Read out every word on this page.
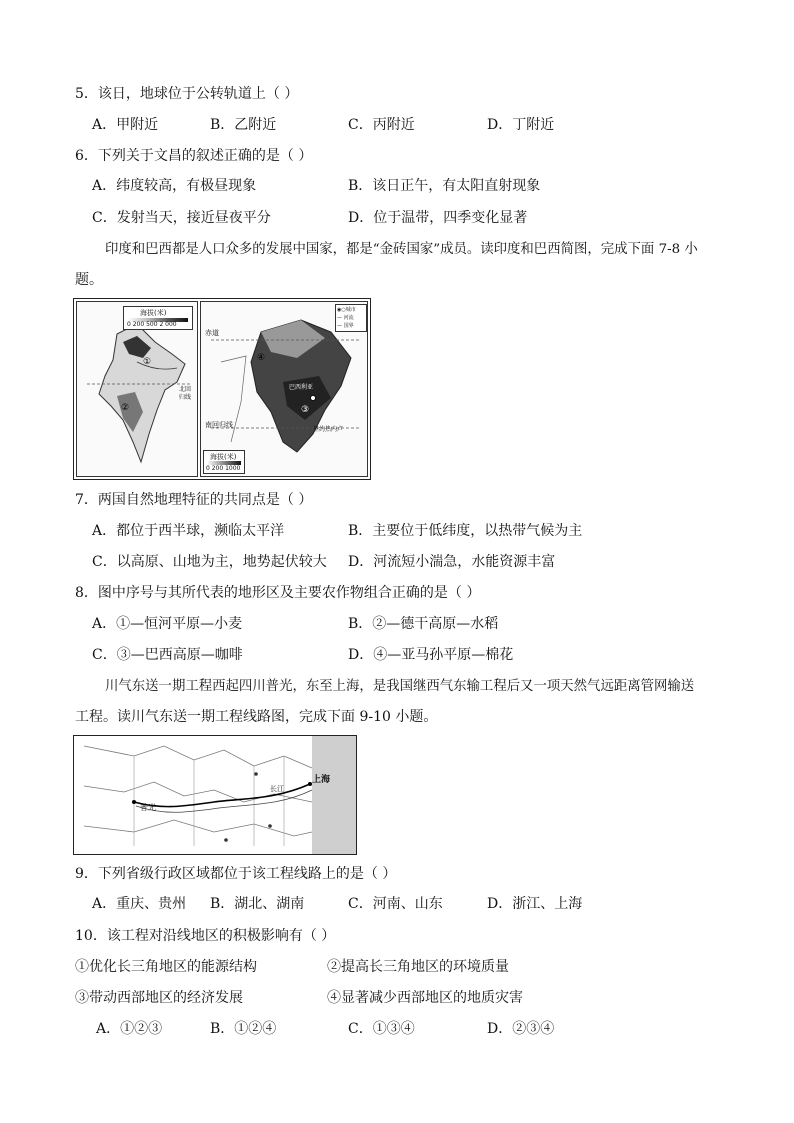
5．该日，地球位于公转轨道上（ ）
A．甲附近	B．乙附近	C．丙附近	D．丁附近
6．下列关于文昌的叙述正确的是（ ）
A．纬度较高，有极昼现象	B．该日正午，有太阳直射现象
C．发射当天，接近昼夜平分	D．位于温带，四季变化显著
印度和巴西都是人口众多的发展中国家，都是“金砖国家”成员。读印度和巴西简图，完成下面 7-8 小
题。
②
①
海拔(米)
0 200 500 2 000
北回归线
④
③
◉○城市
— 河流
— 国界
赤道
南回归线
巴西利亚
里约热内卢
海拔(米)
0 200 1000
7．两国自然地理特征的共同点是（ ）
A．都位于西半球，濒临太平洋	B．主要位于低纬度，以热带气候为主
C．以高原、山地为主，地势起伏较大 D．河流短小湍急，水能资源丰富
8．图中序号与其所代表的地形区及主要农作物组合正确的是（ ）
A．①—恒河平原—小麦	B．②—德干高原—水稻
C．③—巴西高原—咖啡	D．④—亚马孙平原—棉花
川气东送一期工程西起四川普光，东至上海，是我国继西气东输工程后又一项天然气远距离管网输送
工程。读川气东送一期工程线路图，完成下面 9-10 小题。
普光
上海
长江
9．下列省级行政区域都位于该工程线路上的是（ ）
A．重庆、贵州 B．湖北、湖南	C．河南、山东	D．浙江、上海
10．该工程对沿线地区的积极影响有（ ）
①优化长三角地区的能源结构	②提高长三角地区的环境质量
③带动西部地区的经济发展	④显著减少西部地区的地质灾害
A．①②③	B．①②④	C．①③④	D．②③④
